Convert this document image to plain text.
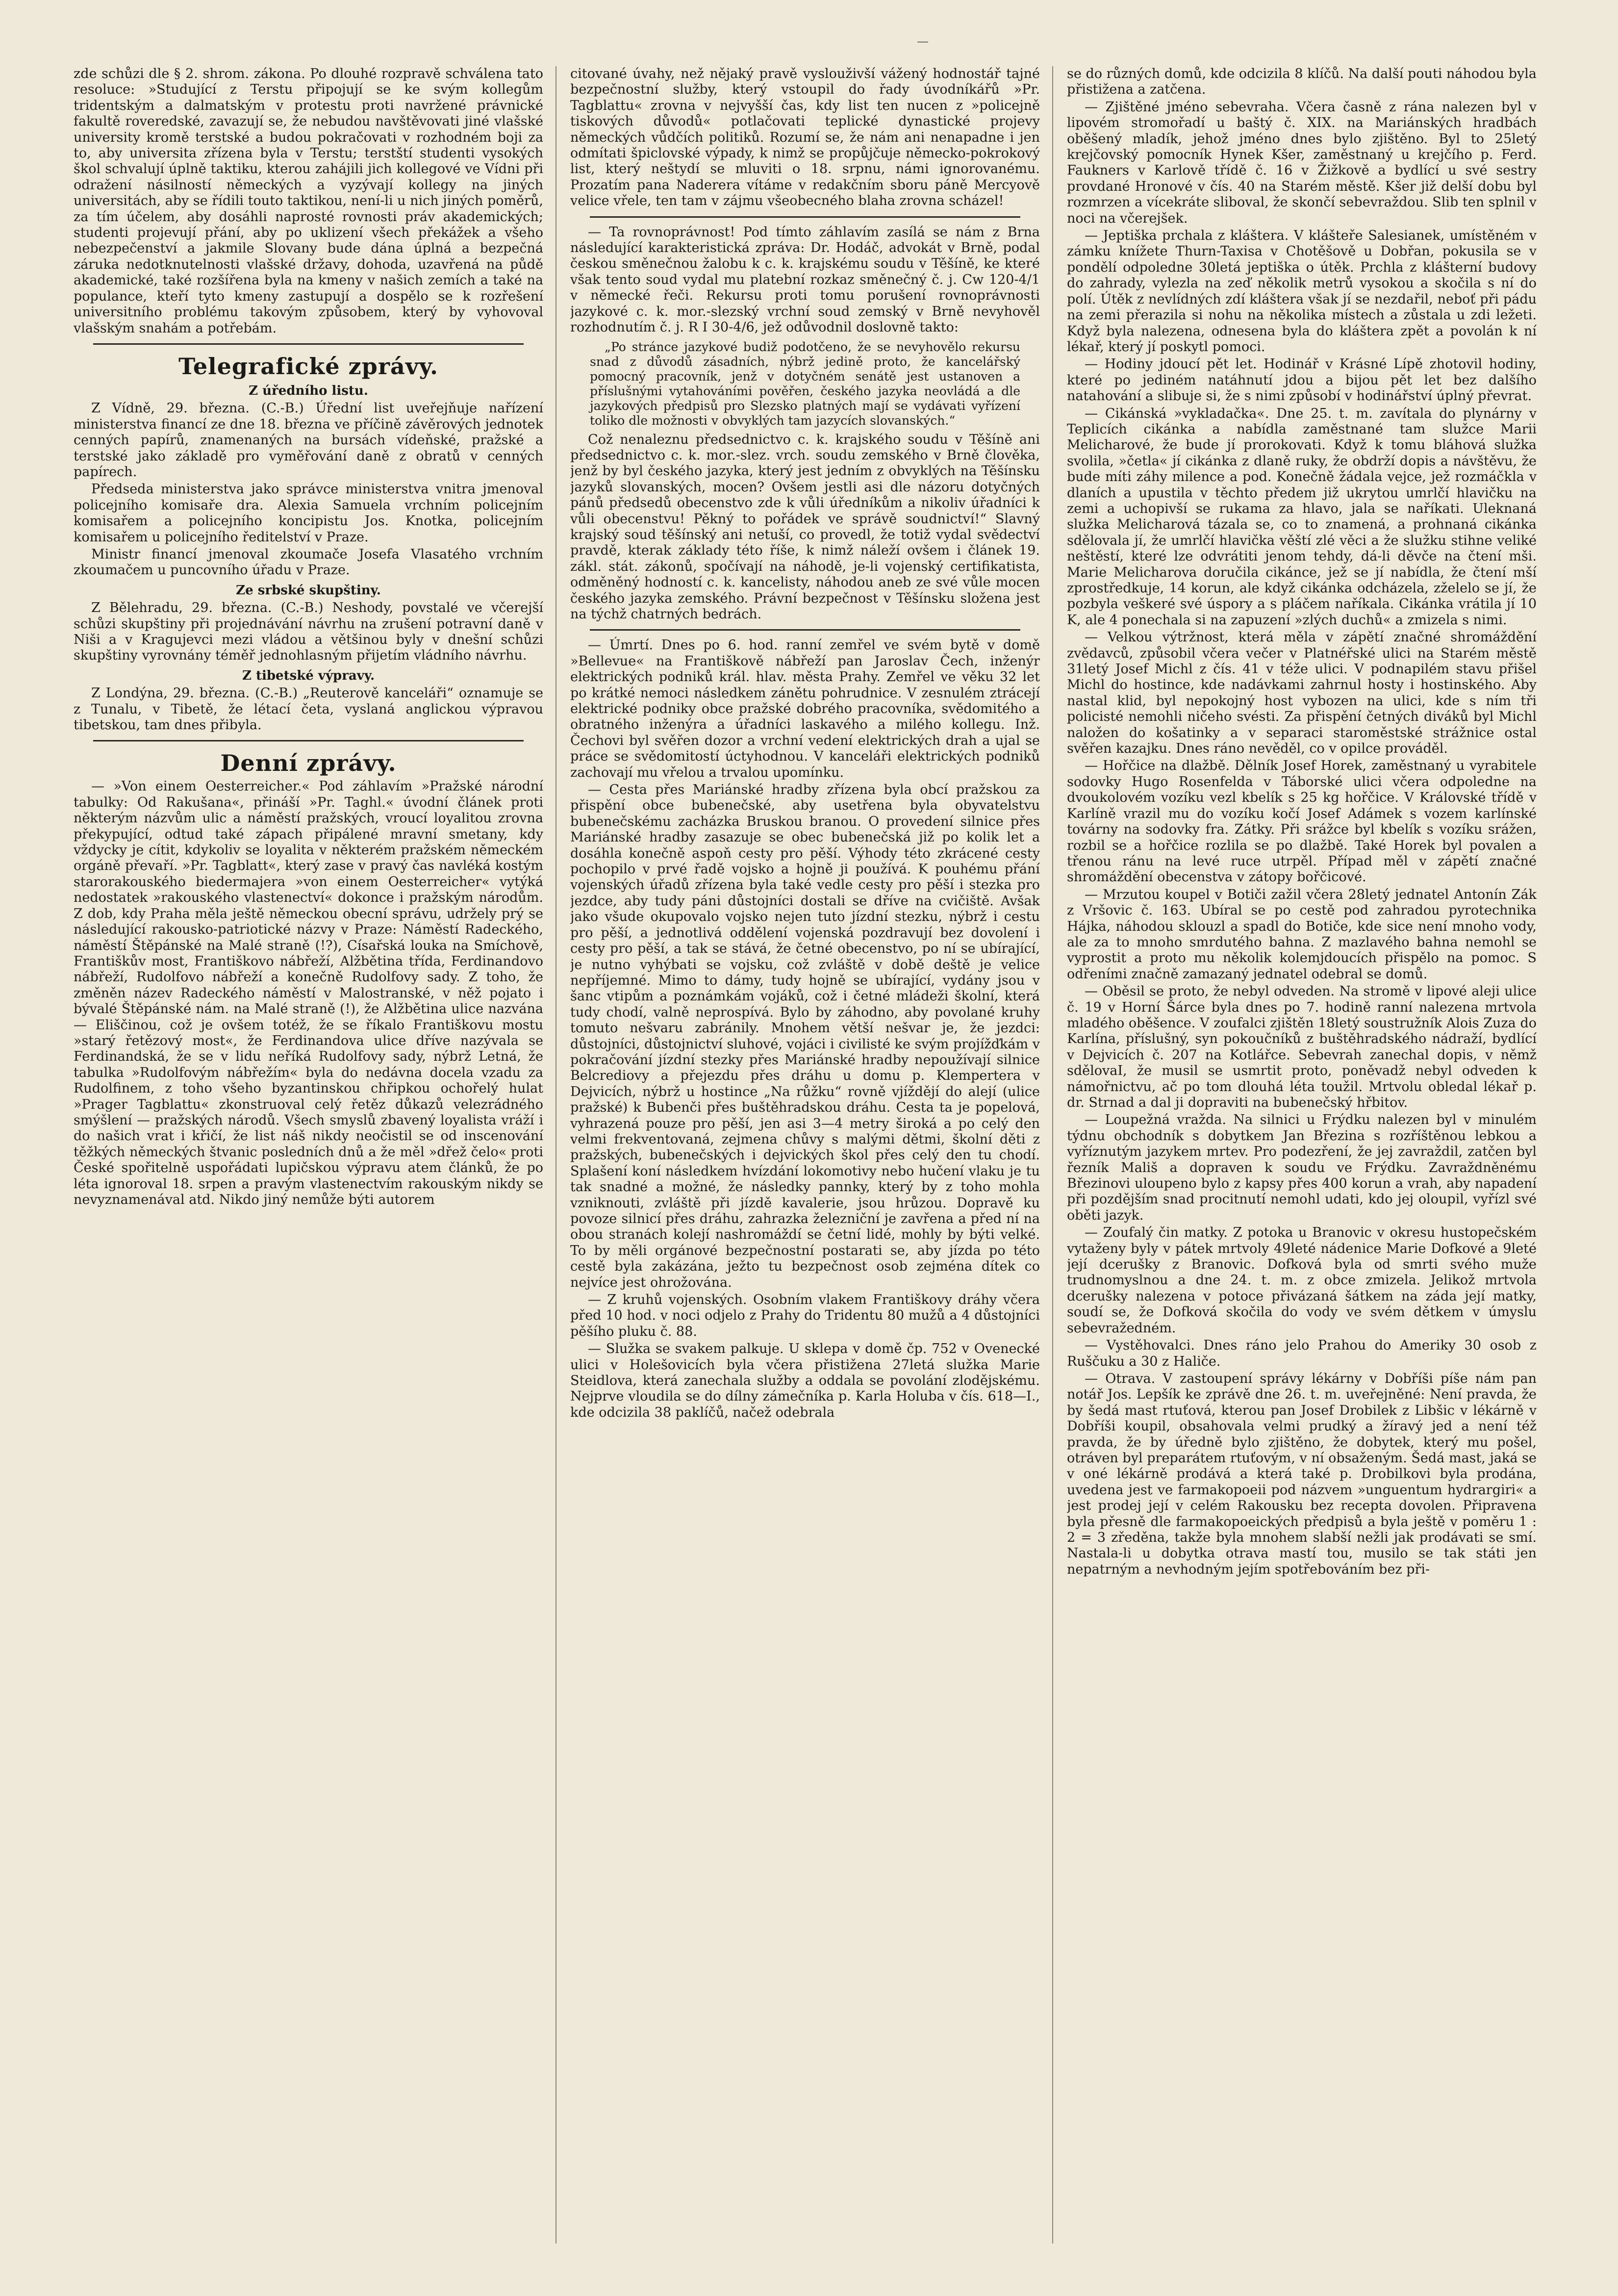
—

zde schůzi dle § 2. shrom. zákona. Po dlouhé rozpravě schválena tato resoluce: »Studující z Terstu připojují se ke svým kollegům tridentským a dalmatským v protestu proti navržené právnické fakultě roveredské, zavazují se, že nebudou navštěvovati jiné vlašské university kromě terstské a budou pokračovati v rozhodném boji za to, aby universita zřízena byla v Terstu; terstští studenti vysokých škol schvalují úplně taktiku, kterou zahájili jich kollegové ve Vídni při odražení násilností německých a vyzývají kollegy na jiných universitách, aby se řídili touto taktikou, není-li u nich jiných poměrů, za tím účelem, aby dosáhli naprosté rovnosti práv akademických; studenti projevují přání, aby po uklizení všech překážek a všeho nebezpečenství a jakmile Slovany bude dána úplná a bezpečná záruka nedotknutelnosti vlašské državy, dohoda, uzavřená na půdě akademické, také rozšířena byla na kmeny v našich zemích a také na populance, kteří tyto kmeny zastupují a dospělo se k rozřešení universitního problému takovým způsobem, který by vyhovoval vlašským snahám a potřebám.

Telegrafické zprávy.
Z úředního listu.

Z Vídně, 29. března. (C.-B.) Úřední list uveřejňuje nařízení ministerstva financí ze dne 18. března ve příčině závěrových jednotek cenných papírů, znamenaných na bursách vídeňské, pražské a terstské jako základě pro vyměřování daně z obratů v cenných papírech.

Předseda ministerstva jako správce ministerstva vnitra jmenoval policejního komisaře dra. Alexia Samuela vrchním policejním komisařem a policejního koncipistu Jos. Knotka, policejním komisařem u policejního ředitelství v Praze.

Ministr financí jmenoval zkoumače Josefa Vlasatého vrchním zkoumačem u puncovního úřadu v Praze.

Ze srbské skupštiny.

Z Bělehradu, 29. března. (C.-B.) Neshody, povstalé ve včerejší schůzi skupštiny při projednávání návrhu na zrušení potravní daně v Niši a v Kragujevci mezi vládou a většinou byly v dnešní schůzi skupštiny vyrovnány téměř jednohlasným přijetím vládního návrhu.

Z tibetské výpravy.

Z Londýna, 29. března. (C.-B.) „Reuterově kanceláři“ oznamuje se z Tunalu, v Tibetě, že létací četa, vyslaná anglickou výpravou tibetskou, tam dnes přibyla.

Denní zprávy.

— »Von einem Oesterreicher.« Pod záhlavím »Pražské národní tabulky: Od Rakušana«, přináší »Pr. Taghl.« úvodní článek proti některým názvům ulic a náměstí pražských, vroucí loyalitou zrovna překypující, odtud také zápach připálené mravní smetany, kdy vždycky je cítit, kdykoliv se loyalita v některém pražském německém orgáně převaří. »Pr. Tagblatt«, který zase v pravý čas navléká kostým starorakouského biedermajera »von einem Oesterreicher« vytýká nedostatek »rakouského vlastenectví« dokonce i pražským národům. Z dob, kdy Praha měla ještě německou obecní správu, udržely prý se následující rakousko-patriotické názvy v Praze: Náměstí Radeckého, náměstí Štěpánské na Malé straně (!?), Císařská louka na Smíchově, Františkův most, Františkovo nábřeží, Alžbětina třída, Ferdinandovo nábřeží, Rudolfovo nábřeží a konečně Rudolfovy sady. Z toho, že změněn název Radeckého náměstí v Malostranské, v něž pojato i bývalé Štěpánské nám. na Malé straně (!), že Alžbětina ulice nazvána — Eliščinou, což je ovšem totéž, že se říkalo Františkovu mostu »starý řetězový most«, že Ferdinandova ulice dříve nazývala se Ferdinandská, že se v lidu neříká Rudolfovy sady, nýbrž Letná, že tabulka »Rudolfovým nábřežím« byla do nedávna docela vzadu za Rudolfinem, z toho všeho byzantinskou chřipkou ochořelý hulat »Prager Tagblattu« zkonstruoval celý řetěz důkazů velezrádného smýšlení — pražských národů. Všech smyslů zbavený loyalista vráží i do našich vrat i křičí, že list náš nikdy neočistil se od inscenování těžkých německých štvanic posledních dnů a že měl »dřež čelo« proti České spořitelně uspořádati lupičskou výpravu atem článků, že po léta ignoroval 18. srpen a pravým vlastenectvím rakouským nikdy se nevyznamenával atd. Nikdo jiný nemůže býti autorem

citované úvahy, než nějaký pravě vyslouživší vážený hodnostář tajné bezpečnostní služby, který vstoupil do řady úvodníkářů »Pr. Tagblattu« zrovna v nejvyšší čas, kdy list ten nucen z »policejně tiskových důvodů« potlačovati teplické dynastické projevy německých vůdčích politiků. Rozumí se, že nám ani nenapadne i jen odmítati špiclovské výpady, k nimž se propůjčuje německo-pokrokový list, který neštydí se mluviti o 18. srpnu, námi ignorovanému. Prozatím pana Naderera vítáme v redakčním sboru páně Mercyově velice vřele, ten tam v zájmu všeobecného blaha zrovna scházel!

— Ta rovnoprávnost! Pod tímto záhlavím zasílá se nám z Brna následující karakteristická zpráva: Dr. Hodáč, advokát v Brně, podal českou směnečnou žalobu k c. k. krajskému soudu v Těšíně, ke které však tento soud vydal mu platební rozkaz směnečný č. j. Cw 120-4/1 v německé řeči. Rekursu proti tomu porušení rovnoprávnosti jazykové c. k. mor.-slezský vrchní soud zemský v Brně nevyhověl rozhodnutím č. j. R I 30-4/6, jež odůvodnil doslovně takto:

„Po stránce jazykové budiž podotčeno, že se nevyhovělo rekursu snad z důvodů zásadních, nýbrž jedině proto, že kancelářský pomocný pracovník, jenž v dotyčném senátě jest ustanoven a příslušnými vytahováními pověřen, českého jazyka neovládá a dle jazykových předpisů pro Slezsko platných mají se vydávati vyřízení toliko dle možnosti v obvyklých tam jazycích slovanských.“

Což nenaleznu předsednictvo c. k. krajského soudu v Těšíně ani předsednictvo c. k. mor.-slez. vrch. soudu zemského v Brně člověka, jenž by byl českého jazyka, který jest jedním z obvyklých na Těšínsku jazyků slovanských, mocen? Ovšem jestli asi dle názoru dotyčných pánů předsedů obecenstvo zde k vůli úředníkům a nikoliv úřadníci k vůli obecenstvu! Pěkný to pořádek ve správě soudnictví!“ Slavný krajský soud těšínský ani netuší, co provedl, že totiž vydal svědectví pravdě, kterak základy této říše, k nimž náleží ovšem i článek 19. zákl. stát. zákonů, spočívají na náhodě, je-li vojenský certifikatista, odměněný hodností c. k. kancelisty, náhodou aneb ze své vůle mocen českého jazyka zemského. Právní bezpečnost v Těšínsku složena jest na týchž chatrných bedrách.

— Úmrtí. Dnes po 6. hod. ranní zemřel ve svém bytě v domě »Bellevue« na Františkově nábřeží pan Jaroslav Čech, inženýr elektrických podniků král. hlav. města Prahy. Zemřel ve věku 32 let po krátké nemoci následkem zánětu pohrudnice. V zesnulém ztrácejí elektrické podniky obce pražské dobrého pracovníka, svědomitého a obratného inženýra a úřadníci laskavého a milého kollegu. Inž. Čechovi byl svěřen dozor a vrchní vedení elektrických drah a ujal se práce se svědomitostí úctyhodnou. V kanceláři elektrických podniků zachovají mu vřelou a trvalou upomínku.

— Cesta přes Mariánské hradby zřízena byla obcí pražskou za přispění obce bubenečské, aby usetřena byla obyvatelstvu bubenečskému zacházka Bruskou branou. O provedení silnice přes Mariánské hradby zasazuje se obec bubenečská již po kolik let a dosáhla konečně aspoň cesty pro pěší. Výhody této zkrácené cesty pochopilo v prvé řadě vojsko a hojně ji používá. K pouhému přání vojenských úřadů zřízena byla také vedle cesty pro pěší i stezka pro jezdce, aby tudy páni důstojníci dostali se dříve na cvičiště. Avšak jako všude okupovalo vojsko nejen tuto jízdní stezku, nýbrž i cestu pro pěší, a jednotlivá oddělení vojenská pozdravují bez dovolení i cesty pro pěší, a tak se stává, že četné obecenstvo, po ní se ubírající, je nutno vyhýbati se vojsku, což zvláště v době deště je velice nepříjemné. Mimo to dámy, tudy hojně se ubírající, vydány jsou v šanc vtipům a poznámkám vojáků, což i četné mládeži školní, která tudy chodí, valně neprospívá. Bylo by záhodno, aby povolané kruhy tomuto nešvaru zabránily. Mnohem větší nešvar je, že jezdci: důstojníci, důstojnictví sluhové, vojáci i civilisté ke svým projížďkám v pokračování jízdní stezky přes Mariánské hradby nepoužívají silnice Belcrediovy a přejezdu přes dráhu u domu p. Klempertera v Dejvicích, nýbrž u hostince „Na růžku“ rovně vjíždějí do alejí (ulice pražské) k Bubenči přes buštěhradskou dráhu. Cesta ta je popelová, vyhrazená pouze pro pěší, jen asi 3—4 metry široká a po celý den velmi frekventovaná, zejmena chůvy s malými dětmi, školní děti z pražských, bubenečských i dejvických škol přes celý den tu chodí. Splašení koní následkem hvízdání lokomotivy nebo hučení vlaku je tu tak snadné a možné, že následky pannky, který by z toho mohla vzniknouti, zvláště při jízdě kavalerie, jsou hrůzou. Dopravě ku povoze silnicí přes dráhu, zahrazka železniční je zavřena a před ní na obou stranách kolejí nashromáždí se četní lidé, mohly by býti velké. To by měli orgánové bezpečnostní postarati se, aby jízda po této cestě byla zakázána, ježto tu bezpečnost osob zejména dítek co nejvíce jest ohrožována.

— Z kruhů vojenských. Osobním vlakem Františkovy dráhy včera před 10 hod. v noci odjelo z Prahy do Tridentu 80 mužů a 4 důstojníci pěšího pluku č. 88.

— Služka se svakem palkuje. U sklepa v domě čp. 752 v Ovenecké ulici v Holešovicích byla včera přistižena 27letá služka Marie Steidlova, která zanechala služby a oddala se povolání zlodějskému. Nejprve vloudila se do dílny zámečníka p. Karla Holuba v čís. 618—I., kde odcizila 38 paklíčů, načež odebrala

se do různých domů, kde odcizila 8 klíčů. Na další pouti náhodou byla přistižena a zatčena.

— Zjištěné jméno sebevraha. Včera časně z rána nalezen byl v lipovém stromořadí u baštý č. XIX. na Mariánských hradbách oběšený mladík, jehož jméno dnes bylo zjištěno. Byl to 25letý krejčovský pomocník Hynek Kšer, zaměstnaný u krejčího p. Ferd. Faukners v Karlově třídě č. 16 v Žižkově a bydlící u své sestry provdané Hronové v čís. 40 na Starém městě. Kšer již delší dobu byl rozmrzen a vícekráte sliboval, že skončí sebevraždou. Slib ten splnil v noci na včerejšek.

— Jeptiška prchala z kláštera. V klášteře Salesianek, umístěném v zámku knížete Thurn-Taxisa v Chotěšově u Dobřan, pokusila se v pondělí odpoledne 30letá jeptiška o útěk. Prchla z klášterní budovy do zahrady, vylezla na zeď několik metrů vysokou a skočila s ní do polí. Útěk z nevlídných zdí kláštera však jí se nezdařil, neboť při pádu na zemi přerazila si nohu na několika místech a zůstala u zdi ležeti. Když byla nalezena, odnesena byla do kláštera zpět a povolán k ní lékař, který jí poskytl pomoci.

— Hodiny jdoucí pět let. Hodinář v Krásné Lípě zhotovil hodiny, které po jediném natáhnutí jdou a bijou pět let bez dalšího natahování a slibuje si, že s nimi způsobí v hodinářství úplný převrat.

— Cikánská »vykladačka«. Dne 25. t. m. zavítala do plynárny v Teplicích cikánka a nabídla zaměstnané tam služce Marii Melicharové, že bude jí prorokovati. Když k tomu bláhová služka svolila, »četla« jí cikánka z dlaně ruky, že obdrží dopis a návštěvu, že bude míti záhy milence a pod. Konečně žádala vejce, jež rozmáčkla v dlaních a upustila v těchto předem již ukrytou umrlčí hlavičku na zemi a uchopivší se rukama za hlavo, jala se naříkati. Uleknaná služka Melicharová tázala se, co to znamená, a prohnaná cikánka sdělovala jí, že umrlčí hlavička věští zlé věci a že služku stihne veliké neštěstí, které lze odvrátiti jenom tehdy, dá-li děvče na čtení mši. Marie Melicharova doručila cikánce, jež se jí nabídla, že čtení mší zprostředkuje, 14 korun, ale když cikánka odcházela, zželelo se jí, že pozbyla veškeré své úspory a s pláčem naříkala. Cikánka vrátila jí 10 K, ale 4 ponechala si na zapuzení »zlých duchů« a zmizela s nimi.

— Velkou výtržnost, která měla v zápětí značné shromáždění zvědavců, způsobil včera večer v Platnéřské ulici na Starém městě 31letý Josef Michl z čís. 41 v téže ulici. V podnapilém stavu přišel Michl do hostince, kde nadávkami zahrnul hosty i hostinského. Aby nastal klid, byl nepokojný host vybozen na ulici, kde s ním tři policisté nemohli ničeho svésti. Za přispění četných diváků byl Michl naložen do košatinky a v separaci staroměstské strážnice ostal svěřen kazajku. Dnes ráno nevěděl, co v opilce prováděl.

— Hořčice na dlažbě. Dělník Josef Horek, zaměstnaný u vyrabitele sodovky Hugo Rosenfelda v Táborské ulici včera odpoledne na dvoukolovém vozíku vezl kbelík s 25 kg hořčice. V Královské třídě v Karlíně vrazil mu do vozíku kočí Josef Adámek s vozem karlínské továrny na sodovky fra. Zátky. Při srážce byl kbelík s vozíku srážen, rozbil se a hořčice rozlila se po dlažbě. Také Horek byl povalen a třenou ránu na levé ruce utrpěl. Případ měl v zápětí značné shromáždění obecenstva v zátopy bořčicové.

— Mrzutou koupel v Botiči zažil včera 28letý jednatel Antonín Zák z Vršovic č. 163. Ubíral se po cestě pod zahradou pyrotechnika Hájka, náhodou sklouzl a spadl do Botiče, kde sice není mnoho vody, ale za to mnoho smrdutého bahna. Z mazlavého bahna nemohl se vyprostit a proto mu několik kolemjdoucích přispělo na pomoc. S odřeními značně zamazaný jednatel odebral se domů.

— Oběsil se proto, že nebyl odveden. Na stromě v lipové aleji ulice č. 19 v Horní Šárce byla dnes po 7. hodině ranní nalezena mrtvola mladého oběšence. V zoufalci zjištěn 18letý soustružník Alois Zuza do Karlína, příslušný, syn pokoučníků z buštěhradského nádraží, bydlící v Dejvicích č. 207 na Kotlářce. Sebevrah zanechal dopis, v němž sdělovaI, že musil se usmrtit proto, poněvadž nebyl odveden k námořnictvu, ač po tom dlouhá léta toužil. Mrtvolu obledal lékař p. dr. Strnad a dal ji dopraviti na bubenečský hřbitov.

— Loupežná vražda. Na silnici u Frýdku nalezen byl v minulém týdnu obchodník s dobytkem Jan Březina s rozříštěnou lebkou a vyříznutým jazykem mrtev. Pro podezření, že jej zavraždil, zatčen byl řezník Mališ a dopraven k soudu ve Frýdku. Zavraždněnému Březinovi uloupeno bylo z kapsy přes 400 korun a vrah, aby napadení při pozdějším snad procitnutí nemohl udati, kdo jej oloupil, vyřízl své oběti jazyk.

— Zoufalý čin matky. Z potoka u Branovic v okresu hustopečském vytaženy byly v pátek mrtvoly 49leté nádenice Marie Dofkové a 9leté její dcerušky z Branovic. Dofková byla od smrti svého muže trudnomyslnou a dne 24. t. m. z obce zmizela. Jelikož mrtvola dcerušky nalezena v potoce přivázaná šátkem na záda její matky, soudí se, že Dofková skočila do vody ve svém dětkem v úmyslu sebevražedném.

— Vystěhovalci. Dnes ráno jelo Prahou do Ameriky 30 osob z Ruščuku a 30 z Haliče.

— Otrava. V zastoupení správy lékárny v Dobříši píše nám pan notář Jos. Lepšík ke zprávě dne 26. t. m. uveřejněné: Není pravda, že by šedá mast rtuťová, kterou pan Josef Drobilek z Libšic v lékárně v Dobříši koupil, obsahovala velmi prudký a žíravý jed a není též pravda, že by úředně bylo zjištěno, že dobytek, který mu pošel, otráven byl preparátem rtuťovým, v ní obsaženým. Šedá mast, jaká se v oné lékárně prodává a která také p. Drobilkovi byla prodána, uvedena jest ve farmakopoeii pod názvem »unguentum hydrargiri« a jest prodej její v celém Rakousku bez recepta dovolen. Připravena byla přesně dle farmakopoeických předpisů a byla ještě v poměru 1 : 2 = 3 zředěna, takže byla mnohem slabší nežli jak prodávati se smí. Nastala-li u dobytka otrava mastí tou, musilo se tak státi jen nepatrným a nevhodným jejím spotřebováním bez při-
